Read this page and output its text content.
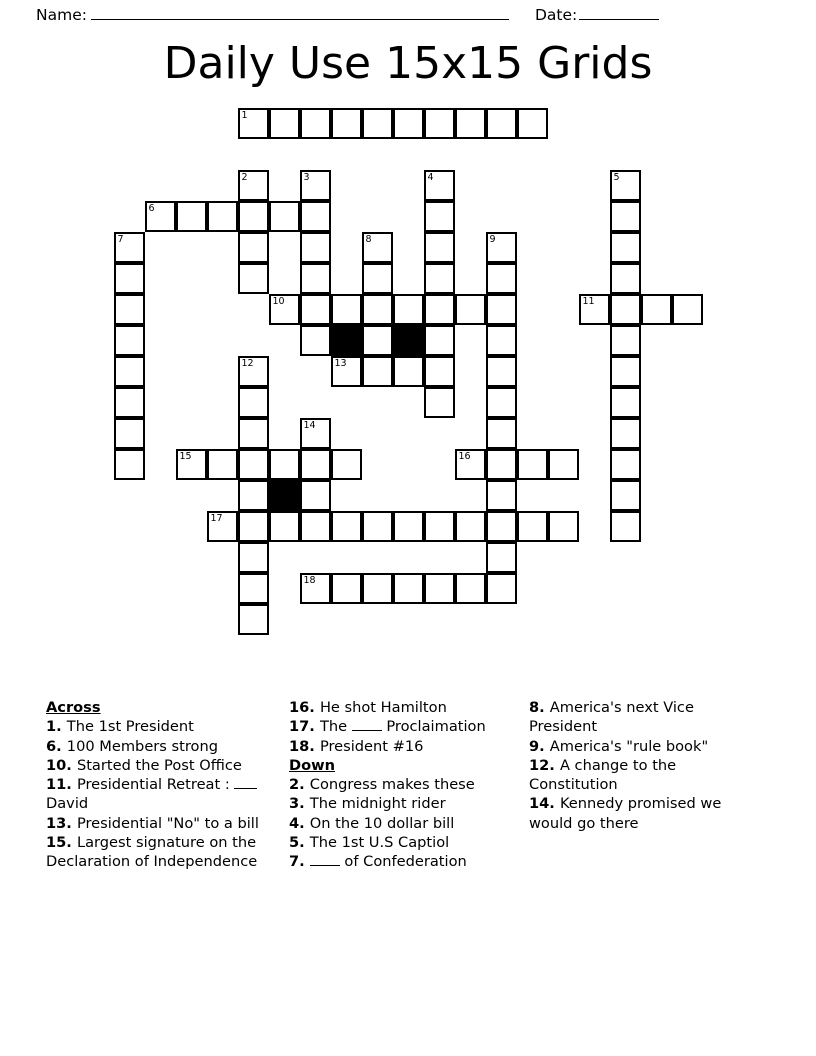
Name:	Date:
Daily Use 15x15 Grids
1
2	3	4	5
6
7	8	9
10	11
12	13
14
15	16
17
18
Across
1. The 1st President
6. 100 Members strong
10. Started the Post Office
11. Presidential Retreat :  David
13. Presidential "No" to a bill
15. Largest signature on the Declaration of Independence
16. He shot Hamilton
17. The  Proclaimation
18. President #16
Down
2. Congress makes these
3. The midnight rider
4. On the 10 dollar bill
5. The 1st U.S Captiol
7.  of Confederation
8. America's next Vice President
9. America's "rule book"
12. A change to the Constitution
14. Kennedy promised we would go there
